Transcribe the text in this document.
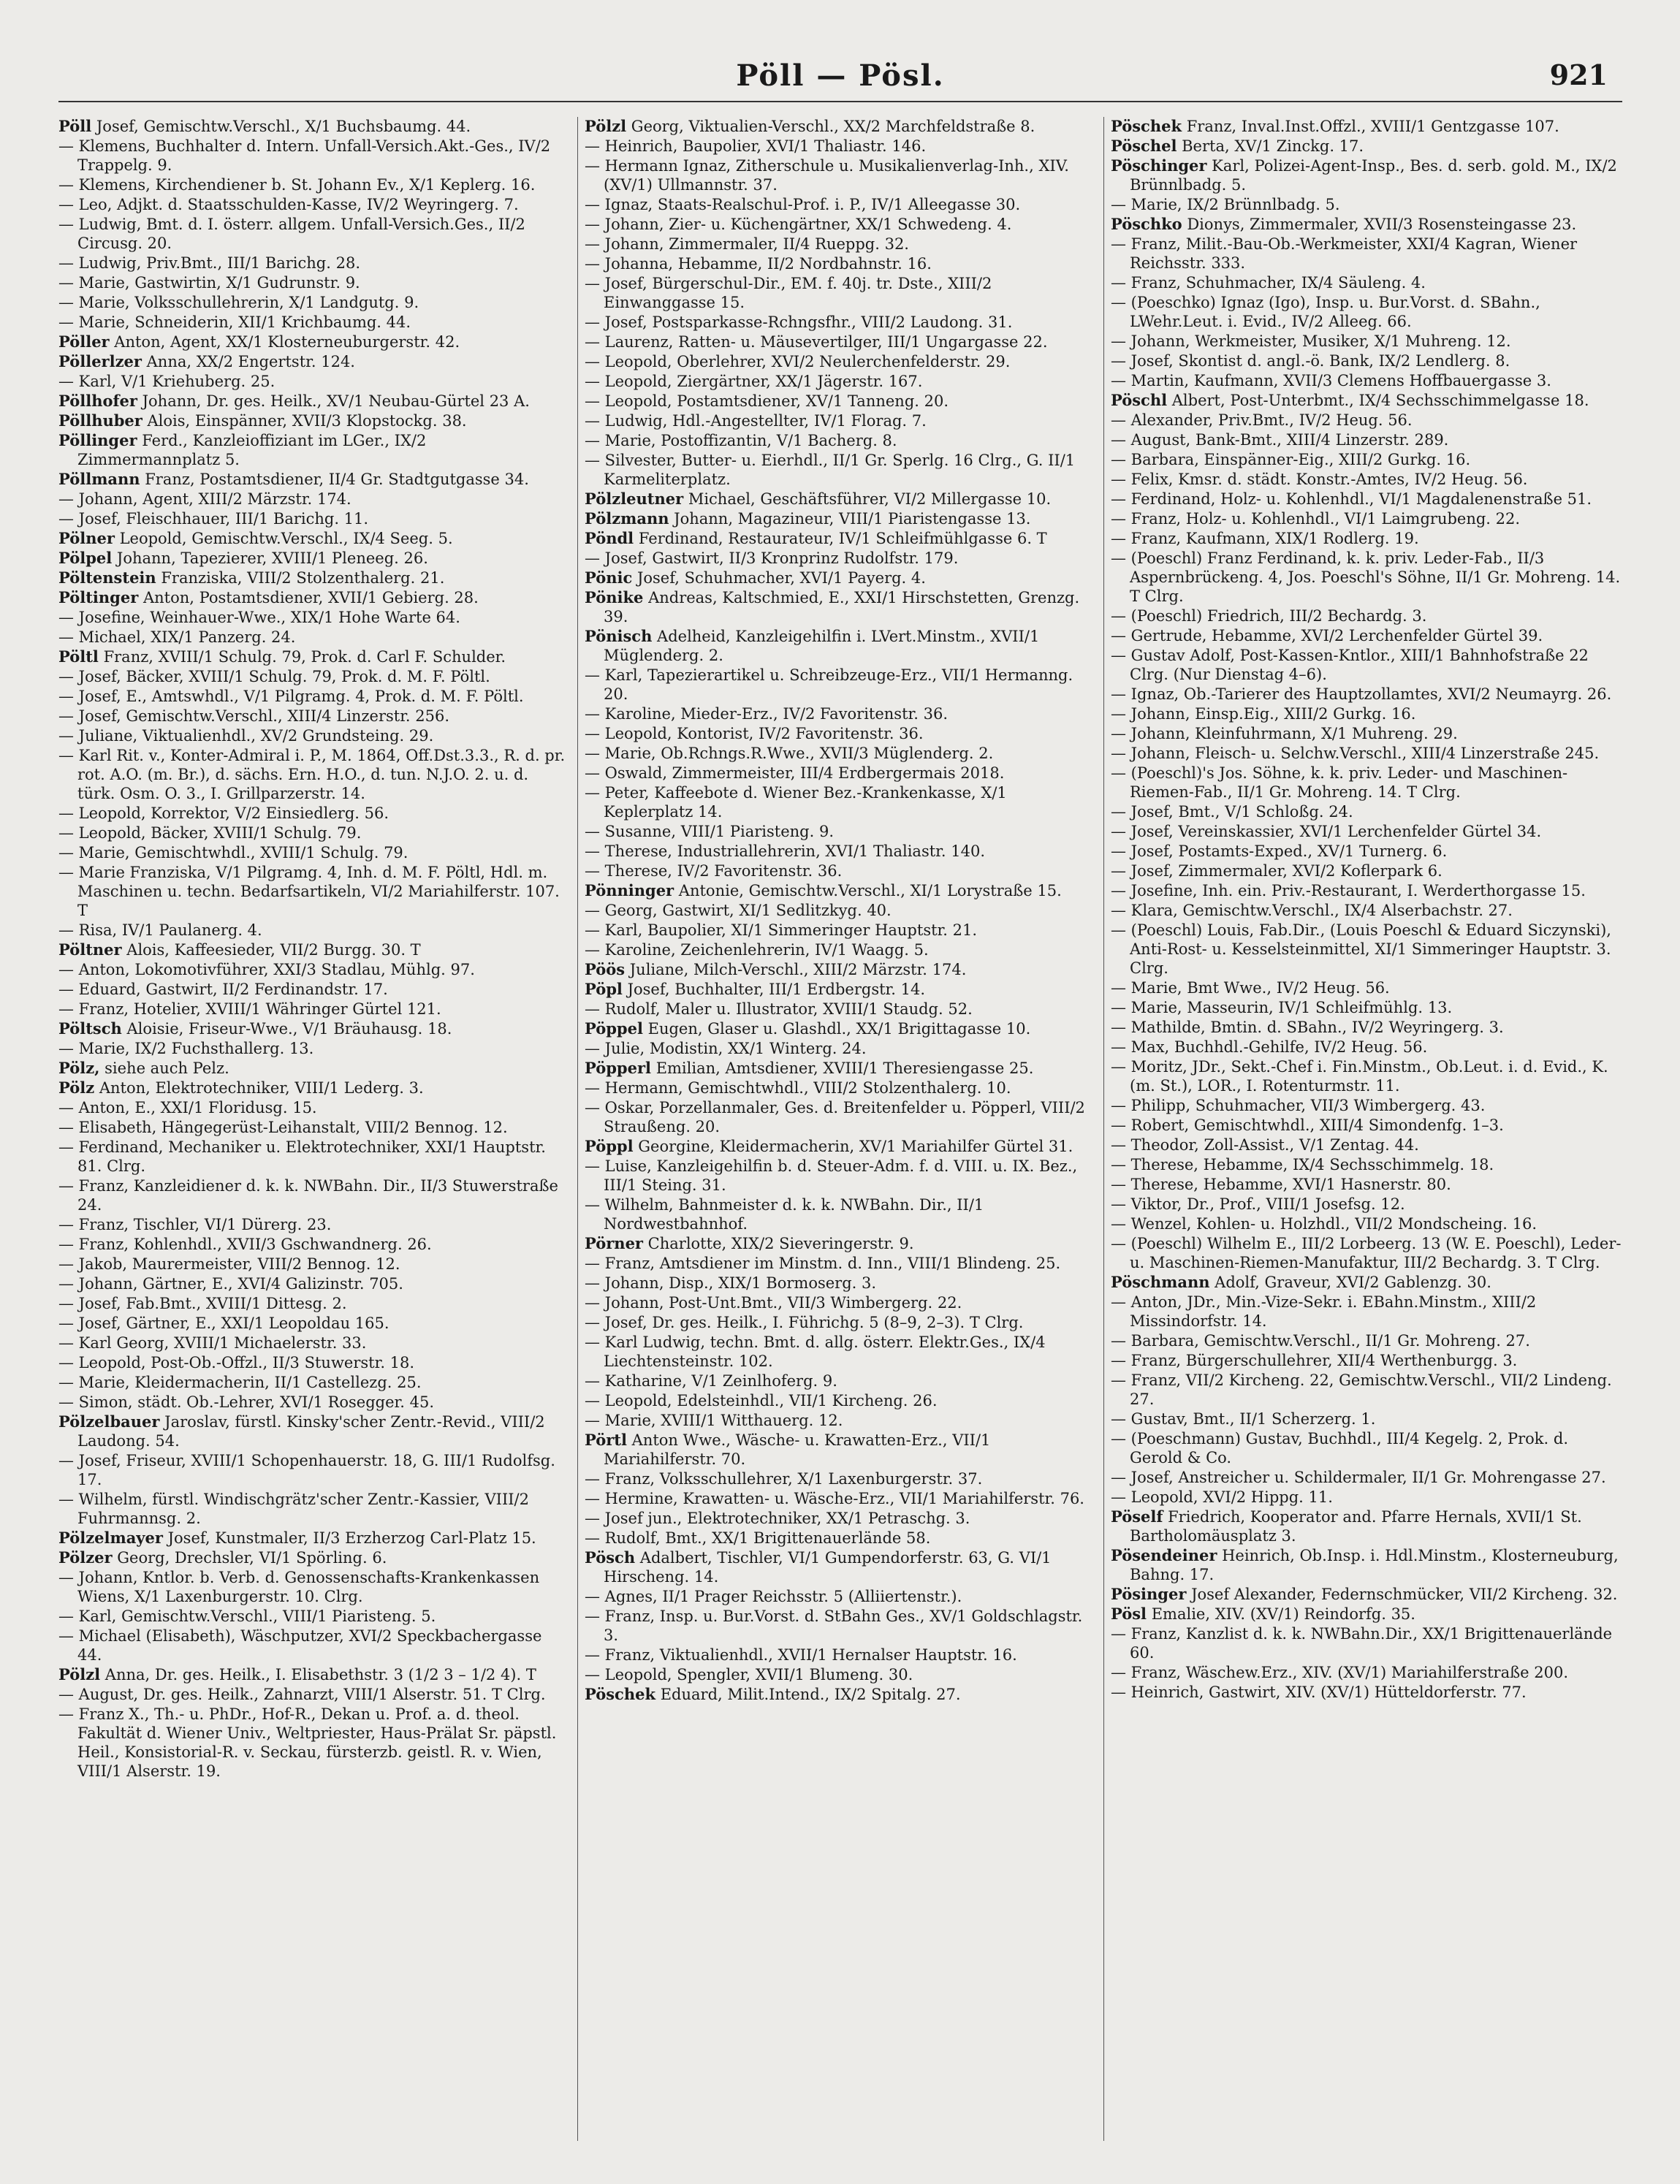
Pöll — Pösl.	921
Pöll Josef, Gemischtw.Verschl., X/1 Buchsbaumg. 44.
— Klemens, Buchhalter d. Intern. Unfall-Versich.Akt.-Ges., IV/2 Trappelg. 9.
— Klemens, Kirchendiener b. St. Johann Ev., X/1 Keplerg. 16.
— Leo, Adjkt. d. Staatsschulden-Kasse, IV/2 Weyringerg. 7.
— Ludwig, Bmt. d. I. österr. allgem. Unfall-Versich.Ges., II/2 Circusg. 20.
— Ludwig, Priv.Bmt., III/1 Barichg. 28.
— Marie, Gastwirtin, X/1 Gudrunstr. 9.
— Marie, Volksschullehrerin, X/1 Landgutg. 9.
— Marie, Schneiderin, XII/1 Krichbaumg. 44.
Pöller Anton, Agent, XX/1 Klosterneuburgerstr. 42.
Pöllerlzer Anna, XX/2 Engertstr. 124.
— Karl, V/1 Kriehuberg. 25.
Pöllhofer Johann, Dr. ges. Heilk., XV/1 Neubau-Gürtel 23 A.
Pöllhuber Alois, Einspänner, XVII/3 Klopstockg. 38.
Pöllinger Ferd., Kanzleioffiziant im LGer., IX/2 Zimmermannplatz 5.
Pöllmann Franz, Postamtsdiener, II/4 Gr. Stadtgutgasse 34.
— Johann, Agent, XIII/2 Märzstr. 174.
— Josef, Fleischhauer, III/1 Barichg. 11.
Pölner Leopold, Gemischtw.Verschl., IX/4 Seeg. 5.
Pölpel Johann, Tapezierer, XVIII/1 Pleneeg. 26.
Pöltenstein Franziska, VIII/2 Stolzenthalerg. 21.
Pöltinger Anton, Postamtsdiener, XVII/1 Gebierg. 28.
— Josefine, Weinhauer-Wwe., XIX/1 Hohe Warte 64.
— Michael, XIX/1 Panzerg. 24.
Pöltl Franz, XVIII/1 Schulg. 79, Prok. d. Carl F. Schulder.
— Josef, Bäcker, XVIII/1 Schulg. 79, Prok. d. M. F. Pöltl.
— Josef, E., Amtswhdl., V/1 Pilgramg. 4, Prok. d. M. F. Pöltl.
— Josef, Gemischtw.Verschl., XIII/4 Linzerstr. 256.
— Juliane, Viktualienhdl., XV/2 Grundsteing. 29.
— Karl Rit. v., Konter-Admiral i. P., M. 1864, Off.Dst.3.3., R. d. pr. rot. A.O. (m. Br.), d. sächs. Ern. H.O., d. tun. N.J.O. 2. u. d. türk. Osm. O. 3., I. Grillparzerstr. 14.
— Leopold, Korrektor, V/2 Einsiedlerg. 56.
— Leopold, Bäcker, XVIII/1 Schulg. 79.
— Marie, Gemischtwhdl., XVIII/1 Schulg. 79.
— Marie Franziska, V/1 Pilgramg. 4, Inh. d. M. F. Pöltl, Hdl. m. Maschinen u. techn. Bedarfsartikeln, VI/2 Mariahilferstr. 107. T
— Risa, IV/1 Paulanerg. 4.
Pöltner Alois, Kaffeesieder, VII/2 Burgg. 30. T
— Anton, Lokomotivführer, XXI/3 Stadlau, Mühlg. 97.
— Eduard, Gastwirt, II/2 Ferdinandstr. 17.
— Franz, Hotelier, XVIII/1 Währinger Gürtel 121.
Pöltsch Aloisie, Friseur-Wwe., V/1 Bräuhausg. 18.
— Marie, IX/2 Fuchsthallerg. 13.
Pölz, siehe auch Pelz.
Pölz Anton, Elektrotechniker, VIII/1 Lederg. 3.
— Anton, E., XXI/1 Floridusg. 15.
— Elisabeth, Hängegerüst-Leihanstalt, VIII/2 Bennog. 12.
— Ferdinand, Mechaniker u. Elektrotechniker, XXI/1 Hauptstr. 81. Clrg.
— Franz, Kanzleidiener d. k. k. NWBahn. Dir., II/3 Stuwerstraße 24.
— Franz, Tischler, VI/1 Dürerg. 23.
— Franz, Kohlenhdl., XVII/3 Gschwandnerg. 26.
— Jakob, Maurermeister, VIII/2 Bennog. 12.
— Johann, Gärtner, E., XVI/4 Galizinstr. 705.
— Josef, Fab.Bmt., XVIII/1 Dittesg. 2.
— Josef, Gärtner, E., XXI/1 Leopoldau 165.
— Karl Georg, XVIII/1 Michaelerstr. 33.
— Leopold, Post-Ob.-Offzl., II/3 Stuwerstr. 18.
— Marie, Kleidermacherin, II/1 Castellezg. 25.
— Simon, städt. Ob.-Lehrer, XVI/1 Rosegger. 45.
Pölzelbauer Jaroslav, fürstl. Kinsky'scher Zentr.-Revid., VIII/2 Laudong. 54.
— Josef, Friseur, XVIII/1 Schopenhauerstr. 18, G. III/1 Rudolfsg. 17.
— Wilhelm, fürstl. Windischgrätz'scher Zentr.-Kassier, VIII/2 Fuhrmannsg. 2.
Pölzelmayer Josef, Kunstmaler, II/3 Erzherzog Carl-Platz 15.
Pölzer Georg, Drechsler, VI/1 Spörling. 6.
— Johann, Kntlor. b. Verb. d. Genossenschafts-Krankenkassen Wiens, X/1 Laxenburgerstr. 10. Clrg.
— Karl, Gemischtw.Verschl., VIII/1 Piaristeng. 5.
— Michael (Elisabeth), Wäschputzer, XVI/2 Speckbachergasse 44.
Pölzl Anna, Dr. ges. Heilk., I. Elisabethstr. 3 (1/2 3 – 1/2 4). T
— August, Dr. ges. Heilk., Zahnarzt, VIII/1 Alserstr. 51. T Clrg.
— Franz X., Th.- u. PhDr., Hof-R., Dekan u. Prof. a. d. theol. Fakultät d. Wiener Univ., Weltpriester, Haus-Prälat Sr. päpstl. Heil., Konsistorial-R. v. Seckau, fürsterzb. geistl. R. v. Wien, VIII/1 Alserstr. 19.
Pölzl Georg, Viktualien-Verschl., XX/2 Marchfeldstraße 8.
— Heinrich, Baupolier, XVI/1 Thaliastr. 146.
— Hermann Ignaz, Zitherschule u. Musikalienverlag-Inh., XIV. (XV/1) Ullmannstr. 37.
— Ignaz, Staats-Realschul-Prof. i. P., IV/1 Alleegasse 30.
— Johann, Zier- u. Küchengärtner, XX/1 Schwedeng. 4.
— Johann, Zimmermaler, II/4 Rueppg. 32.
— Johanna, Hebamme, II/2 Nordbahnstr. 16.
— Josef, Bürgerschul-Dir., EM. f. 40j. tr. Dste., XIII/2 Einwanggasse 15.
— Josef, Postsparkasse-Rchngsfhr., VIII/2 Laudong. 31.
— Laurenz, Ratten- u. Mäusevertilger, III/1 Ungargasse 22.
— Leopold, Oberlehrer, XVI/2 Neulerchenfelderstr. 29.
— Leopold, Ziergärtner, XX/1 Jägerstr. 167.
— Leopold, Postamtsdiener, XV/1 Tanneng. 20.
— Ludwig, Hdl.-Angestellter, IV/1 Florag. 7.
— Marie, Postoffizantin, V/1 Bacherg. 8.
— Silvester, Butter- u. Eierhdl., II/1 Gr. Sperlg. 16 Clrg., G. II/1 Karmeliterplatz.
Pölzleutner Michael, Geschäftsführer, VI/2 Millergasse 10.
Pölzmann Johann, Magazineur, VIII/1 Piaristengasse 13.
Pöndl Ferdinand, Restaurateur, IV/1 Schleifmühlgasse 6. T
— Josef, Gastwirt, II/3 Kronprinz Rudolfstr. 179.
Pönic Josef, Schuhmacher, XVI/1 Payerg. 4.
Pönike Andreas, Kaltschmied, E., XXI/1 Hirschstetten, Grenzg. 39.
Pönisch Adelheid, Kanzleigehilfin i. LVert.Minstm., XVII/1 Müglenderg. 2.
— Karl, Tapezierartikel u. Schreibzeuge-Erz., VII/1 Hermanng. 20.
— Karoline, Mieder-Erz., IV/2 Favoritenstr. 36.
— Leopold, Kontorist, IV/2 Favoritenstr. 36.
— Marie, Ob.Rchngs.R.Wwe., XVII/3 Müglenderg. 2.
— Oswald, Zimmermeister, III/4 Erdbergermais 2018.
— Peter, Kaffeebote d. Wiener Bez.-Krankenkasse, X/1 Keplerplatz 14.
— Susanne, VIII/1 Piaristeng. 9.
— Therese, Industriallehrerin, XVI/1 Thaliastr. 140.
— Therese, IV/2 Favoritenstr. 36.
Pönninger Antonie, Gemischtw.Verschl., XI/1 Lorystraße 15.
— Georg, Gastwirt, XI/1 Sedlitzkyg. 40.
— Karl, Baupolier, XI/1 Simmeringer Hauptstr. 21.
— Karoline, Zeichenlehrerin, IV/1 Waagg. 5.
Pöös Juliane, Milch-Verschl., XIII/2 Märzstr. 174.
Pöpl Josef, Buchhalter, III/1 Erdbergstr. 14.
— Rudolf, Maler u. Illustrator, XVIII/1 Staudg. 52.
Pöppel Eugen, Glaser u. Glashdl., XX/1 Brigittagasse 10.
— Julie, Modistin, XX/1 Winterg. 24.
Pöpperl Emilian, Amtsdiener, XVIII/1 Theresiengasse 25.
— Hermann, Gemischtwhdl., VIII/2 Stolzenthalerg. 10.
— Oskar, Porzellanmaler, Ges. d. Breitenfelder u. Pöpperl, VIII/2 Straußeng. 20.
Pöppl Georgine, Kleidermacherin, XV/1 Mariahilfer Gürtel 31.
— Luise, Kanzleigehilfin b. d. Steuer-Adm. f. d. VIII. u. IX. Bez., III/1 Steing. 31.
— Wilhelm, Bahnmeister d. k. k. NWBahn. Dir., II/1 Nordwestbahnhof.
Pörner Charlotte, XIX/2 Sieveringerstr. 9.
— Franz, Amtsdiener im Minstm. d. Inn., VIII/1 Blindeng. 25.
— Johann, Disp., XIX/1 Bormoserg. 3.
— Johann, Post-Unt.Bmt., VII/3 Wimbergerg. 22.
— Josef, Dr. ges. Heilk., I. Führichg. 5 (8–9, 2–3). T Clrg.
— Karl Ludwig, techn. Bmt. d. allg. österr. Elektr.Ges., IX/4 Liechtensteinstr. 102.
— Katharine, V/1 Zeinlhoferg. 9.
— Leopold, Edelsteinhdl., VII/1 Kircheng. 26.
— Marie, XVIII/1 Witthauerg. 12.
Pörtl Anton Wwe., Wäsche- u. Krawatten-Erz., VII/1 Mariahilferstr. 70.
— Franz, Volksschullehrer, X/1 Laxenburgerstr. 37.
— Hermine, Krawatten- u. Wäsche-Erz., VII/1 Mariahilferstr. 76.
— Josef jun., Elektrotechniker, XX/1 Petraschg. 3.
— Rudolf, Bmt., XX/1 Brigittenauerlände 58.
Pösch Adalbert, Tischler, VI/1 Gumpendorferstr. 63, G. VI/1 Hirscheng. 14.
— Agnes, II/1 Prager Reichsstr. 5 (Alliiertenstr.).
— Franz, Insp. u. Bur.Vorst. d. StBahn Ges., XV/1 Goldschlagstr. 3.
— Franz, Viktualienhdl., XVII/1 Hernalser Hauptstr. 16.
— Leopold, Spengler, XVII/1 Blumeng. 30.
Pöschek Eduard, Milit.Intend., IX/2 Spitalg. 27.
Pöschek Franz, Inval.Inst.Offzl., XVIII/1 Gentzgasse 107.
Pöschel Berta, XV/1 Zinckg. 17.
Pöschinger Karl, Polizei-Agent-Insp., Bes. d. serb. gold. M., IX/2 Brünnlbadg. 5.
— Marie, IX/2 Brünnlbadg. 5.
Pöschko Dionys, Zimmermaler, XVII/3 Rosensteingasse 23.
— Franz, Milit.-Bau-Ob.-Werkmeister, XXI/4 Kagran, Wiener Reichsstr. 333.
— Franz, Schuhmacher, IX/4 Säuleng. 4.
— (Poeschko) Ignaz (Igo), Insp. u. Bur.Vorst. d. SBahn., LWehr.Leut. i. Evid., IV/2 Alleeg. 66.
— Johann, Werkmeister, Musiker, X/1 Muhreng. 12.
— Josef, Skontist d. angl.-ö. Bank, IX/2 Lendlerg. 8.
— Martin, Kaufmann, XVII/3 Clemens Hoffbauergasse 3.
Pöschl Albert, Post-Unterbmt., IX/4 Sechsschimmelgasse 18.
— Alexander, Priv.Bmt., IV/2 Heug. 56.
— August, Bank-Bmt., XIII/4 Linzerstr. 289.
— Barbara, Einspänner-Eig., XIII/2 Gurkg. 16.
— Felix, Kmsr. d. städt. Konstr.-Amtes, IV/2 Heug. 56.
— Ferdinand, Holz- u. Kohlenhdl., VI/1 Magdalenenstraße 51.
— Franz, Holz- u. Kohlenhdl., VI/1 Laimgrubeng. 22.
— Franz, Kaufmann, XIX/1 Rodlerg. 19.
— (Poeschl) Franz Ferdinand, k. k. priv. Leder-Fab., II/3 Aspernbrückeng. 4, Jos. Poeschl's Söhne, II/1 Gr. Mohreng. 14. T Clrg.
— (Poeschl) Friedrich, III/2 Bechardg. 3.
— Gertrude, Hebamme, XVI/2 Lerchenfelder Gürtel 39.
— Gustav Adolf, Post-Kassen-Kntlor., XIII/1 Bahnhofstraße 22 Clrg. (Nur Dienstag 4–6).
— Ignaz, Ob.-Tarierer des Hauptzollamtes, XVI/2 Neumayrg. 26.
— Johann, Einsp.Eig., XIII/2 Gurkg. 16.
— Johann, Kleinfuhrmann, X/1 Muhreng. 29.
— Johann, Fleisch- u. Selchw.Verschl., XIII/4 Linzerstraße 245.
— (Poeschl)'s Jos. Söhne, k. k. priv. Leder- und Maschinen-Riemen-Fab., II/1 Gr. Mohreng. 14. T Clrg.
— Josef, Bmt., V/1 Schloßg. 24.
— Josef, Vereinskassier, XVI/1 Lerchenfelder Gürtel 34.
— Josef, Postamts-Exped., XV/1 Turnerg. 6.
— Josef, Zimmermaler, XVI/2 Koflerpark 6.
— Josefine, Inh. ein. Priv.-Restaurant, I. Werderthorgasse 15.
— Klara, Gemischtw.Verschl., IX/4 Alserbachstr. 27.
— (Poeschl) Louis, Fab.Dir., (Louis Poeschl & Eduard Siczynski), Anti-Rost- u. Kesselsteinmittel, XI/1 Simmeringer Hauptstr. 3. Clrg.
— Marie, Bmt Wwe., IV/2 Heug. 56.
— Marie, Masseurin, IV/1 Schleifmühlg. 13.
— Mathilde, Bmtin. d. SBahn., IV/2 Weyringerg. 3.
— Max, Buchhdl.-Gehilfe, IV/2 Heug. 56.
— Moritz, JDr., Sekt.-Chef i. Fin.Minstm., Ob.Leut. i. d. Evid., K. (m. St.), LOR., I. Rotenturmstr. 11.
— Philipp, Schuhmacher, VII/3 Wimbergerg. 43.
— Robert, Gemischtwhdl., XIII/4 Simondenfg. 1–3.
— Theodor, Zoll-Assist., V/1 Zentag. 44.
— Therese, Hebamme, IX/4 Sechsschimmelg. 18.
— Therese, Hebamme, XVI/1 Hasnerstr. 80.
— Viktor, Dr., Prof., VIII/1 Josefsg. 12.
— Wenzel, Kohlen- u. Holzhdl., VII/2 Mondscheing. 16.
— (Poeschl) Wilhelm E., III/2 Lorbeerg. 13 (W. E. Poeschl), Leder- u. Maschinen-Riemen-Manufaktur, III/2 Bechardg. 3. T Clrg.
Pöschmann Adolf, Graveur, XVI/2 Gablenzg. 30.
— Anton, JDr., Min.-Vize-Sekr. i. EBahn.Minstm., XIII/2 Missindorfstr. 14.
— Barbara, Gemischtw.Verschl., II/1 Gr. Mohreng. 27.
— Franz, Bürgerschullehrer, XII/4 Werthenburgg. 3.
— Franz, VII/2 Kircheng. 22, Gemischtw.Verschl., VII/2 Lindeng. 27.
— Gustav, Bmt., II/1 Scherzerg. 1.
— (Poeschmann) Gustav, Buchhdl., III/4 Kegelg. 2, Prok. d. Gerold & Co.
— Josef, Anstreicher u. Schildermaler, II/1 Gr. Mohrengasse 27.
— Leopold, XVI/2 Hippg. 11.
Pöself Friedrich, Kooperator and. Pfarre Hernals, XVII/1 St. Bartholomäusplatz 3.
Pösendeiner Heinrich, Ob.Insp. i. Hdl.Minstm., Klosterneuburg, Bahng. 17.
Pösinger Josef Alexander, Federnschmücker, VII/2 Kircheng. 32.
Pösl Emalie, XIV. (XV/1) Reindorfg. 35.
— Franz, Kanzlist d. k. k. NWBahn.Dir., XX/1 Brigittenauerlände 60.
— Franz, Wäschew.Erz., XIV. (XV/1) Mariahilferstraße 200.
— Heinrich, Gastwirt, XIV. (XV/1) Hütteldorferstr. 77.
